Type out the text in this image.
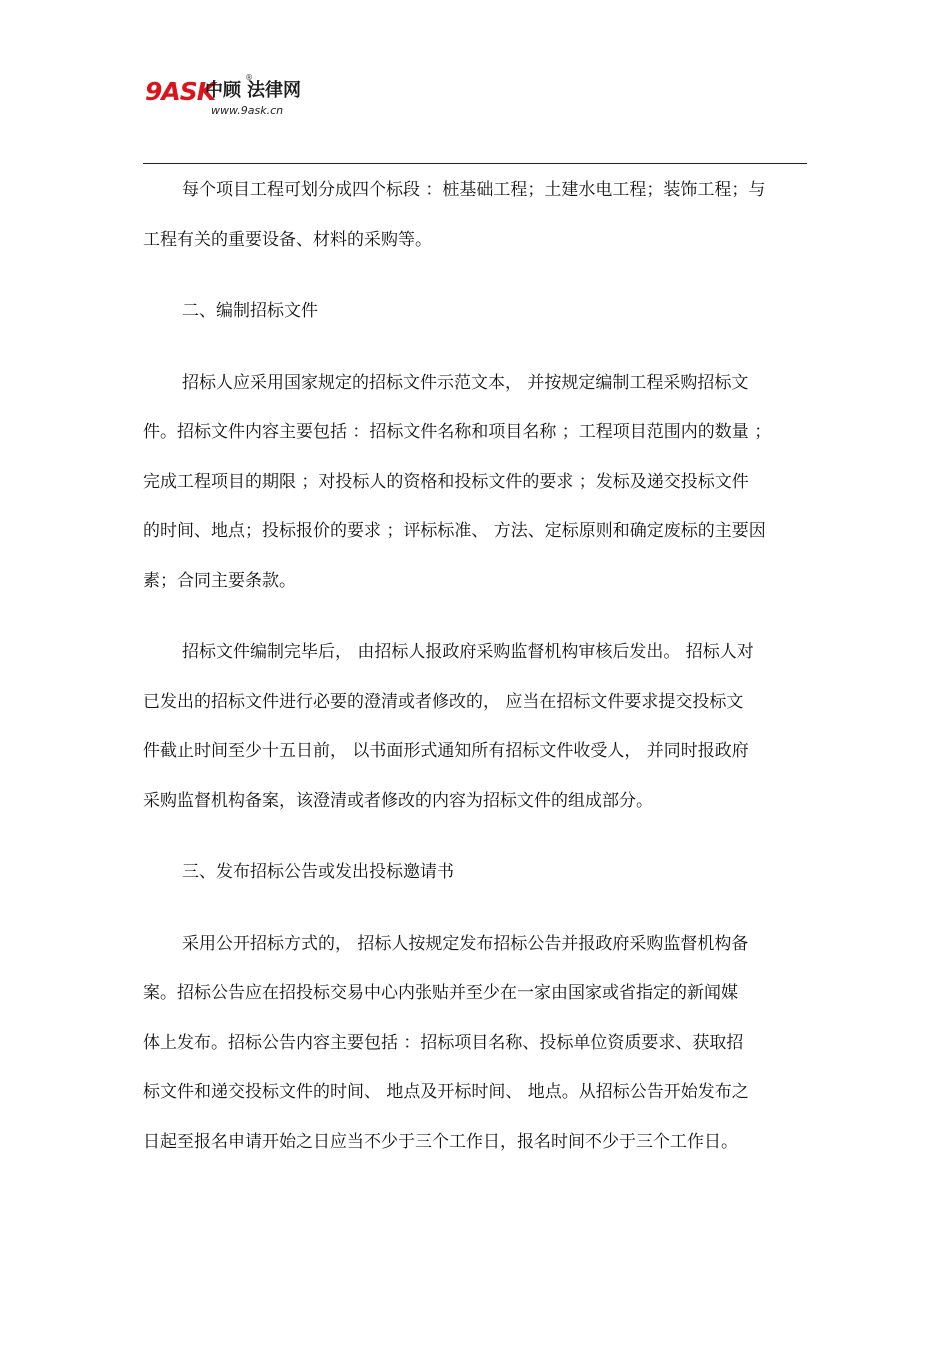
9ASK	®
中顾 法律网
www.9ask.cn
每个项目工程可划分成四个标段 ：桩基础工程；土建水电工程；装饰工程；与
工程有关的重要设备、材料的采购等。
二、编制招标文件
招标人应采用国家规定的招标文件示范文本， 并按规定编制工程采购招标文
件。招标文件内容主要包括 ：招标文件名称和项目名称 ；工程项目范围内的数量 ；
完成工程项目的期限 ；对投标人的资格和投标文件的要求 ；发标及递交投标文件
的时间、地点；投标报价的要求 ；评标标准、 方法、定标原则和确定废标的主要因
素；合同主要条款。
招标文件编制完毕后， 由招标人报政府采购监督机构审核后发出。 招标人对
已发出的招标文件进行必要的澄清或者修改的， 应当在招标文件要求提交投标文
件截止时间至少十五日前， 以书面形式通知所有招标文件收受人， 并同时报政府
采购监督机构备案，该澄清或者修改的内容为招标文件的组成部分。
三、发布招标公告或发出投标邀请书
采用公开招标方式的， 招标人按规定发布招标公告并报政府采购监督机构备
案。招标公告应在招投标交易中心内张贴并至少在一家由国家或省指定的新闻媒
体上发布。招标公告内容主要包括 ：招标项目名称、投标单位资质要求、获取招
标文件和递交投标文件的时间、 地点及开标时间、 地点。从招标公告开始发布之
日起至报名申请开始之日应当不少于三个工作日，报名时间不少于三个工作日。
